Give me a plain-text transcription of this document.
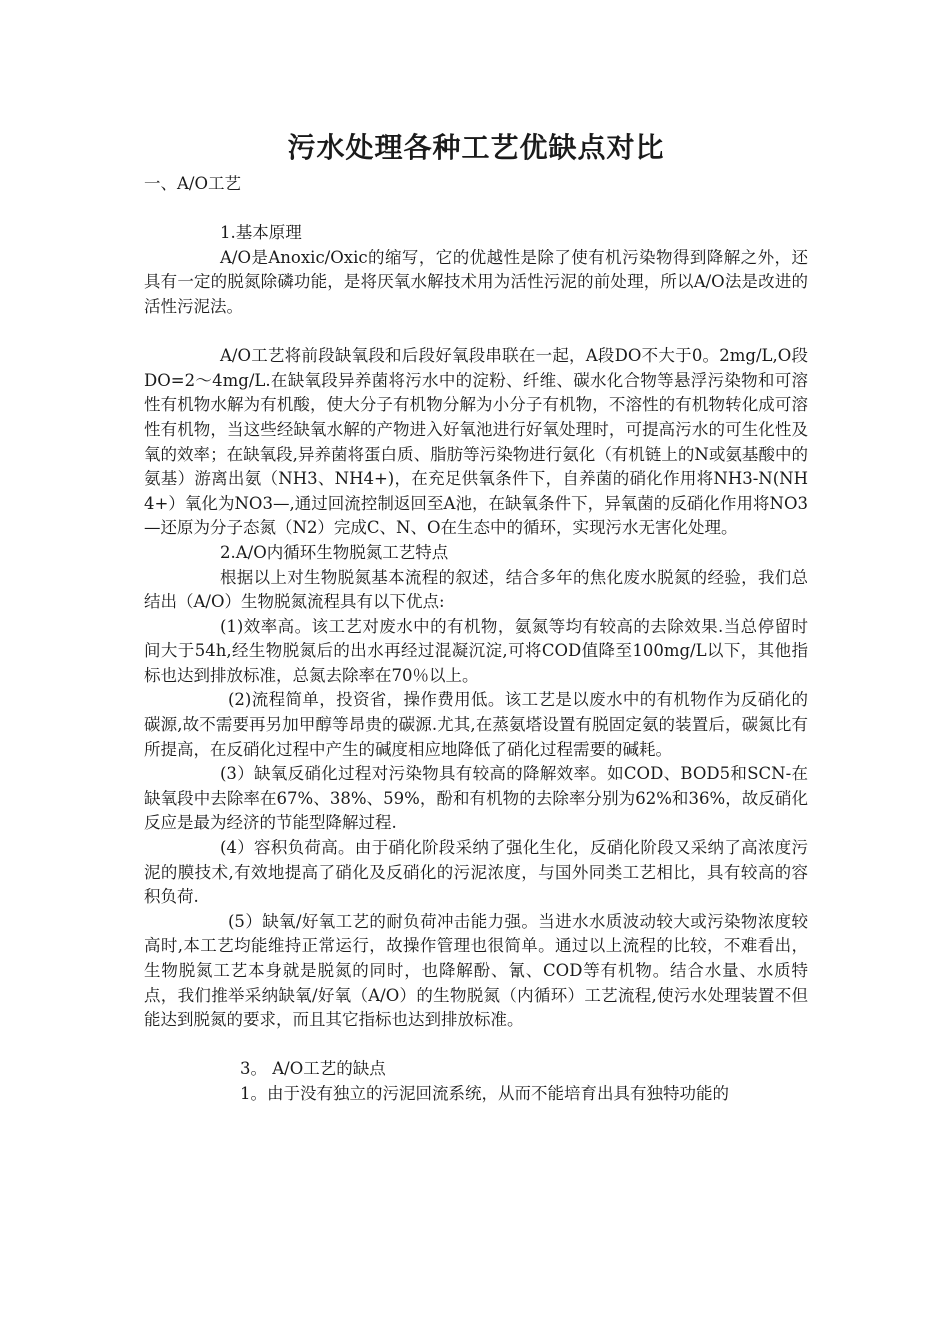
污水处理各种工艺优缺点对比

一、A/O工艺

1.基本原理

A/O是Anoxic/Oxic的缩写，它的优越性是除了使有机污染物得到降解之外，还具有一定的脱氮除磷功能，是将厌氧水解技术用为活性污泥的前处理，所以A/O法是改进的活性污泥法。

A/O工艺将前段缺氧段和后段好氧段串联在一起，A段DO不大于0。2mg/L,O段DO=2～4mg/L.在缺氧段异养菌将污水中的淀粉、纤维、碳水化合物等悬浮污染物和可溶性有机物水解为有机酸，使大分子有机物分解为小分子有机物，不溶性的有机物转化成可溶性有机物，当这些经缺氧水解的产物进入好氧池进行好氧处理时，可提高污水的可生化性及氧的效率；在缺氧段,异养菌将蛋白质、脂肪等污染物进行氨化（有机链上的N或氨基酸中的氨基）游离出氨（NH3、NH4+)，在充足供氧条件下，自养菌的硝化作用将NH3-N(NH4+）氧化为NO3—,通过回流控制返回至A池，在缺氧条件下，异氧菌的反硝化作用将NO3—还原为分子态氮（N2）完成C、N、O在生态中的循环，实现污水无害化处理。

2.A/O内循环生物脱氮工艺特点

根据以上对生物脱氮基本流程的叙述，结合多年的焦化废水脱氮的经验，我们总结出（A/O）生物脱氮流程具有以下优点:

(1)效率高。该工艺对废水中的有机物，氨氮等均有较高的去除效果.当总停留时间大于54h,经生物脱氮后的出水再经过混凝沉淀,可将COD值降至100mg/L以下，其他指标也达到排放标准，总氮去除率在70％以上。

(2)流程简单，投资省，操作费用低。该工艺是以废水中的有机物作为反硝化的碳源,故不需要再另加甲醇等昂贵的碳源.尤其,在蒸氨塔设置有脱固定氨的装置后，碳氮比有所提高，在反硝化过程中产生的碱度相应地降低了硝化过程需要的碱耗。

(3）缺氧反硝化过程对污染物具有较高的降解效率。如COD、BOD5和SCN-在缺氧段中去除率在67%、38%、59%，酚和有机物的去除率分别为62%和36%，故反硝化反应是最为经济的节能型降解过程.

(4）容积负荷高。由于硝化阶段采纳了强化生化，反硝化阶段又采纳了高浓度污泥的膜技术,有效地提高了硝化及反硝化的污泥浓度，与国外同类工艺相比，具有较高的容积负荷.

(5）缺氧/好氧工艺的耐负荷冲击能力强。当进水水质波动较大或污染物浓度较高时,本工艺均能维持正常运行，故操作管理也很简单。通过以上流程的比较，不难看出，生物脱氮工艺本身就是脱氮的同时，也降解酚、氰、COD等有机物。结合水量、水质特点，我们推举采纳缺氧/好氧（A/O）的生物脱氮（内循环）工艺流程,使污水处理装置不但能达到脱氮的要求，而且其它指标也达到排放标准。

3。 A/O工艺的缺点

1。由于没有独立的污泥回流系统，从而不能培育出具有独特功能的
